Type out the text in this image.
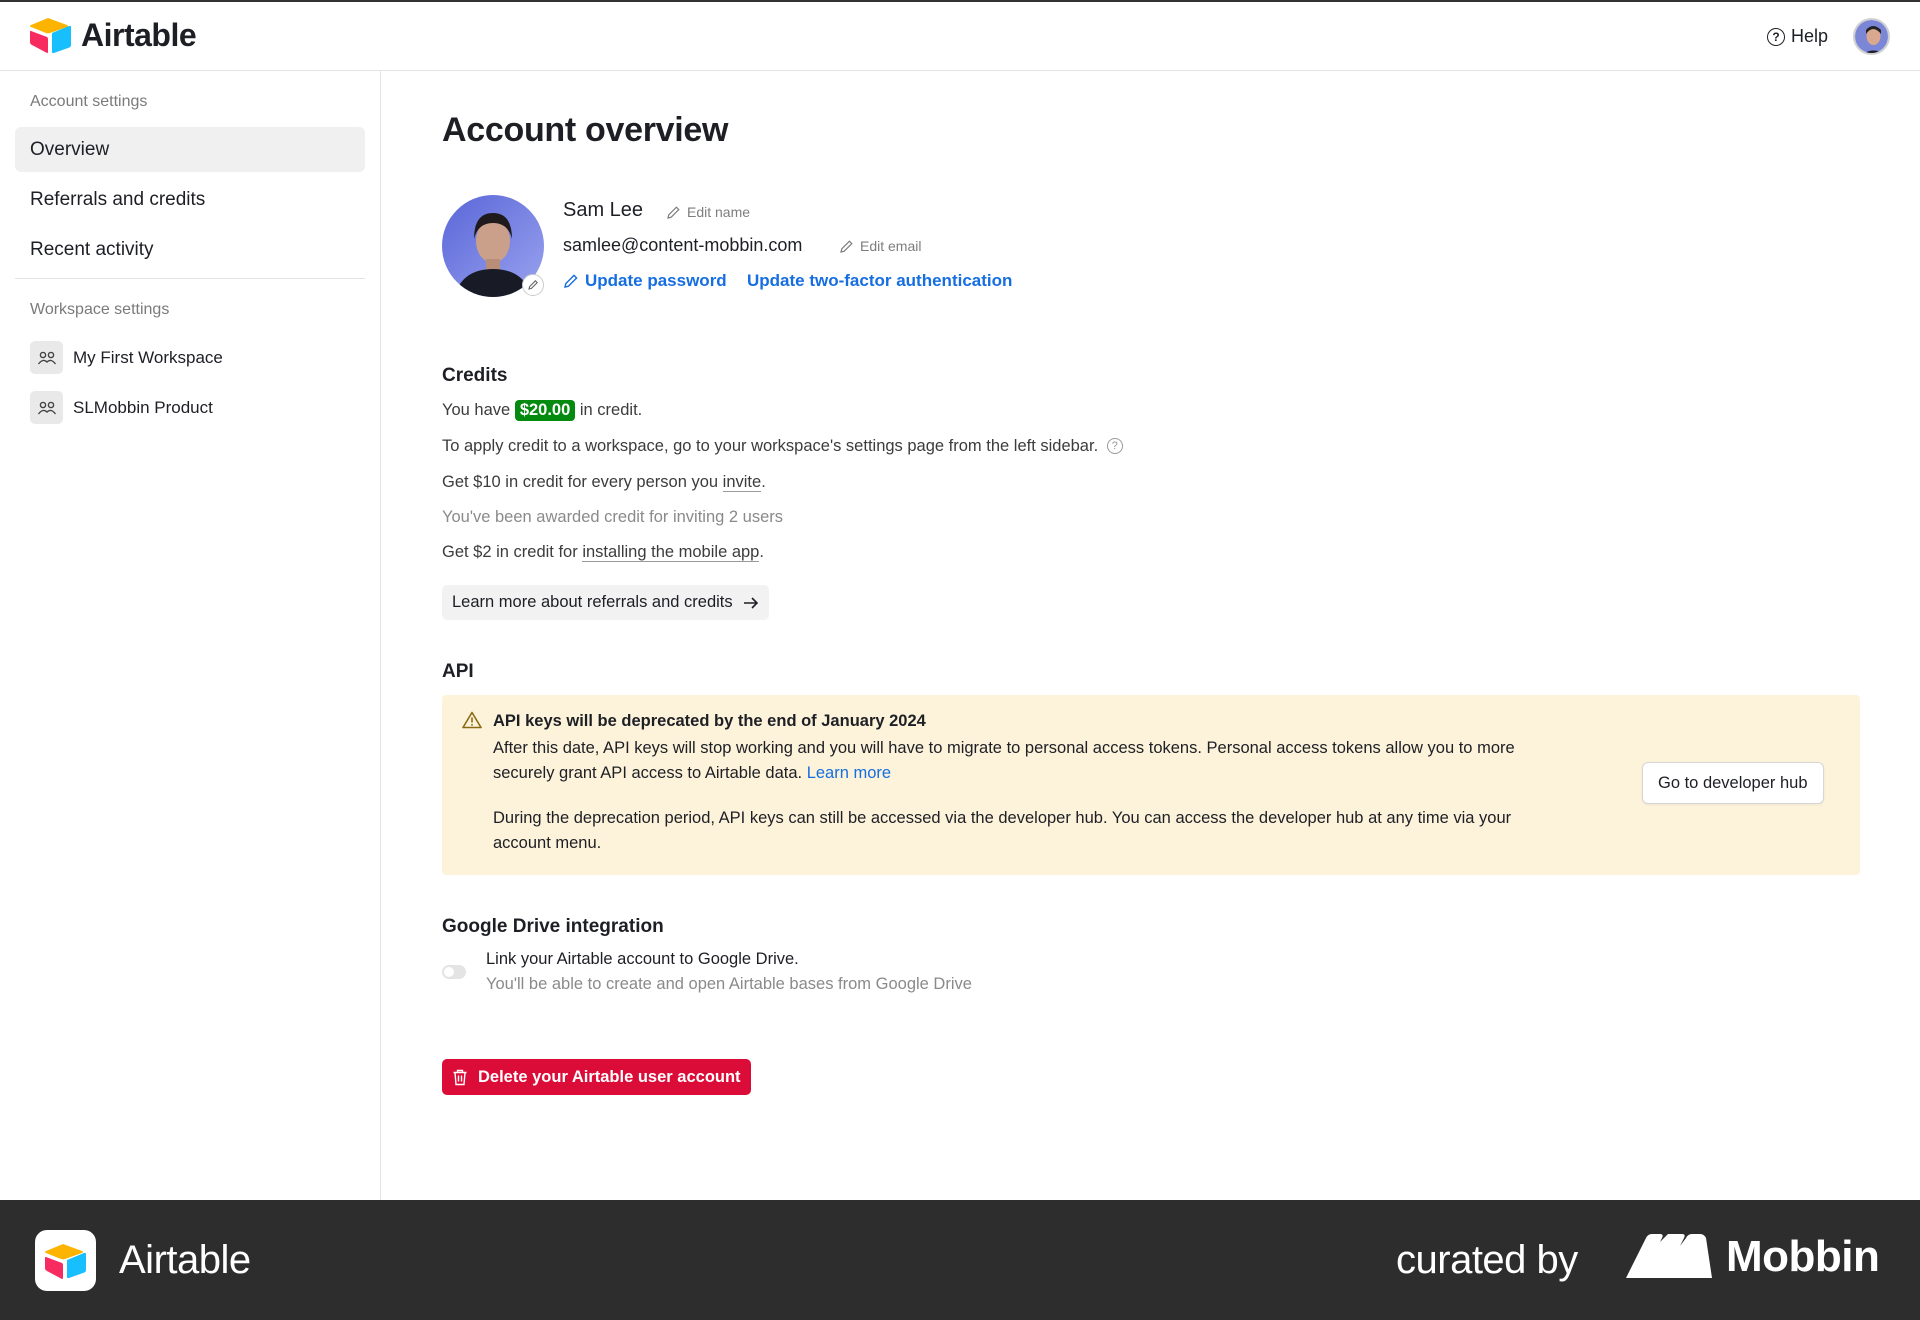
Airtable	? Help
Account settings
Overview
Referrals and credits
Recent activity
Workspace settings
My First Workspace
SLMobbin Product
Account overview
Sam Lee	Edit name
samlee@content-mobbin.com	Edit email
Update password Update two-factor authentication
Credits
You have $20.00 in credit.
To apply credit to a workspace, go to your workspace's settings page from the left sidebar. ?
Get $10 in credit for every person you invite.
You've been awarded credit for inviting 2 users
Get $2 in credit for installing the mobile app.
Learn more about referrals and credits
API
API keys will be deprecated by the end of January 2024
After this date, API keys will stop working and you will have to migrate to personal access tokens. Personal access tokens allow you to more securely grant API access to Airtable data. Learn more
During the deprecation period, API keys can still be accessed via the developer hub. You can access the developer hub at any time via your account menu.
Go to developer hub
Google Drive integration
Link your Airtable account to Google Drive.
You'll be able to create and open Airtable bases from Google Drive
Delete your Airtable user account
Airtable	curated by	Mobbin
